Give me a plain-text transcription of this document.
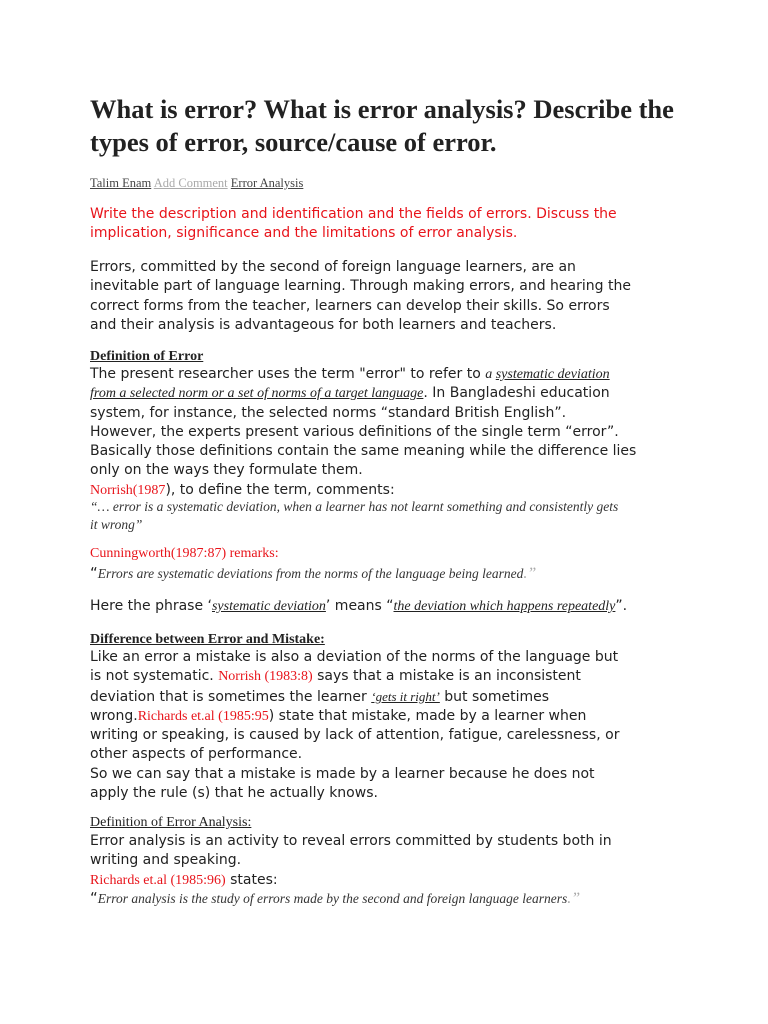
What is error? What is error analysis? Describe the types of error, source/cause of error.
Talim Enam Add Comment Error Analysis
Write the description and identification and the fields of errors. Discuss the
implication, significance and the limitations of error analysis.
Errors, committed by the second of foreign language learners, are an
inevitable part of language learning. Through making errors, and hearing the
correct forms from the teacher, learners can develop their skills. So errors
and their analysis is advantageous for both learners and teachers.
Definition of Error
The present researcher uses the term "error" to refer to a systematic deviation
from a selected norm or a set of norms of a target language. In Bangladeshi education
system, for instance, the selected norms “standard British English”.
However, the experts present various definitions of the single term “error”.
Basically those definitions contain the same meaning while the difference lies
only on the ways they formulate them.
Norrish(1987), to define the term, comments:
“… error is a systematic deviation, when a learner has not learnt something and consistently gets
it wrong”
Cunningworth(1987:87) remarks:
“Errors are systematic deviations from the norms of the language being learned.”
Here the phrase ‘systematic deviation’ means “the deviation which happens repeatedly”.
Difference between Error and Mistake:
Like an error a mistake is also a deviation of the norms of the language but
is not systematic. Norrish (1983:8) says that a mistake is an inconsistent
deviation that is sometimes the learner ‘gets it right’ but sometimes
wrong.Richards et.al (1985:95) state that mistake, made by a learner when
writing or speaking, is caused by lack of attention, fatigue, carelessness, or
other aspects of performance.
So we can say that a mistake is made by a learner because he does not
apply the rule (s) that he actually knows.
Definition of Error Analysis:
Error analysis is an activity to reveal errors committed by students both in
writing and speaking.
Richards et.al (1985:96) states:
“Error analysis is the study of errors made by the second and foreign language learners.”
